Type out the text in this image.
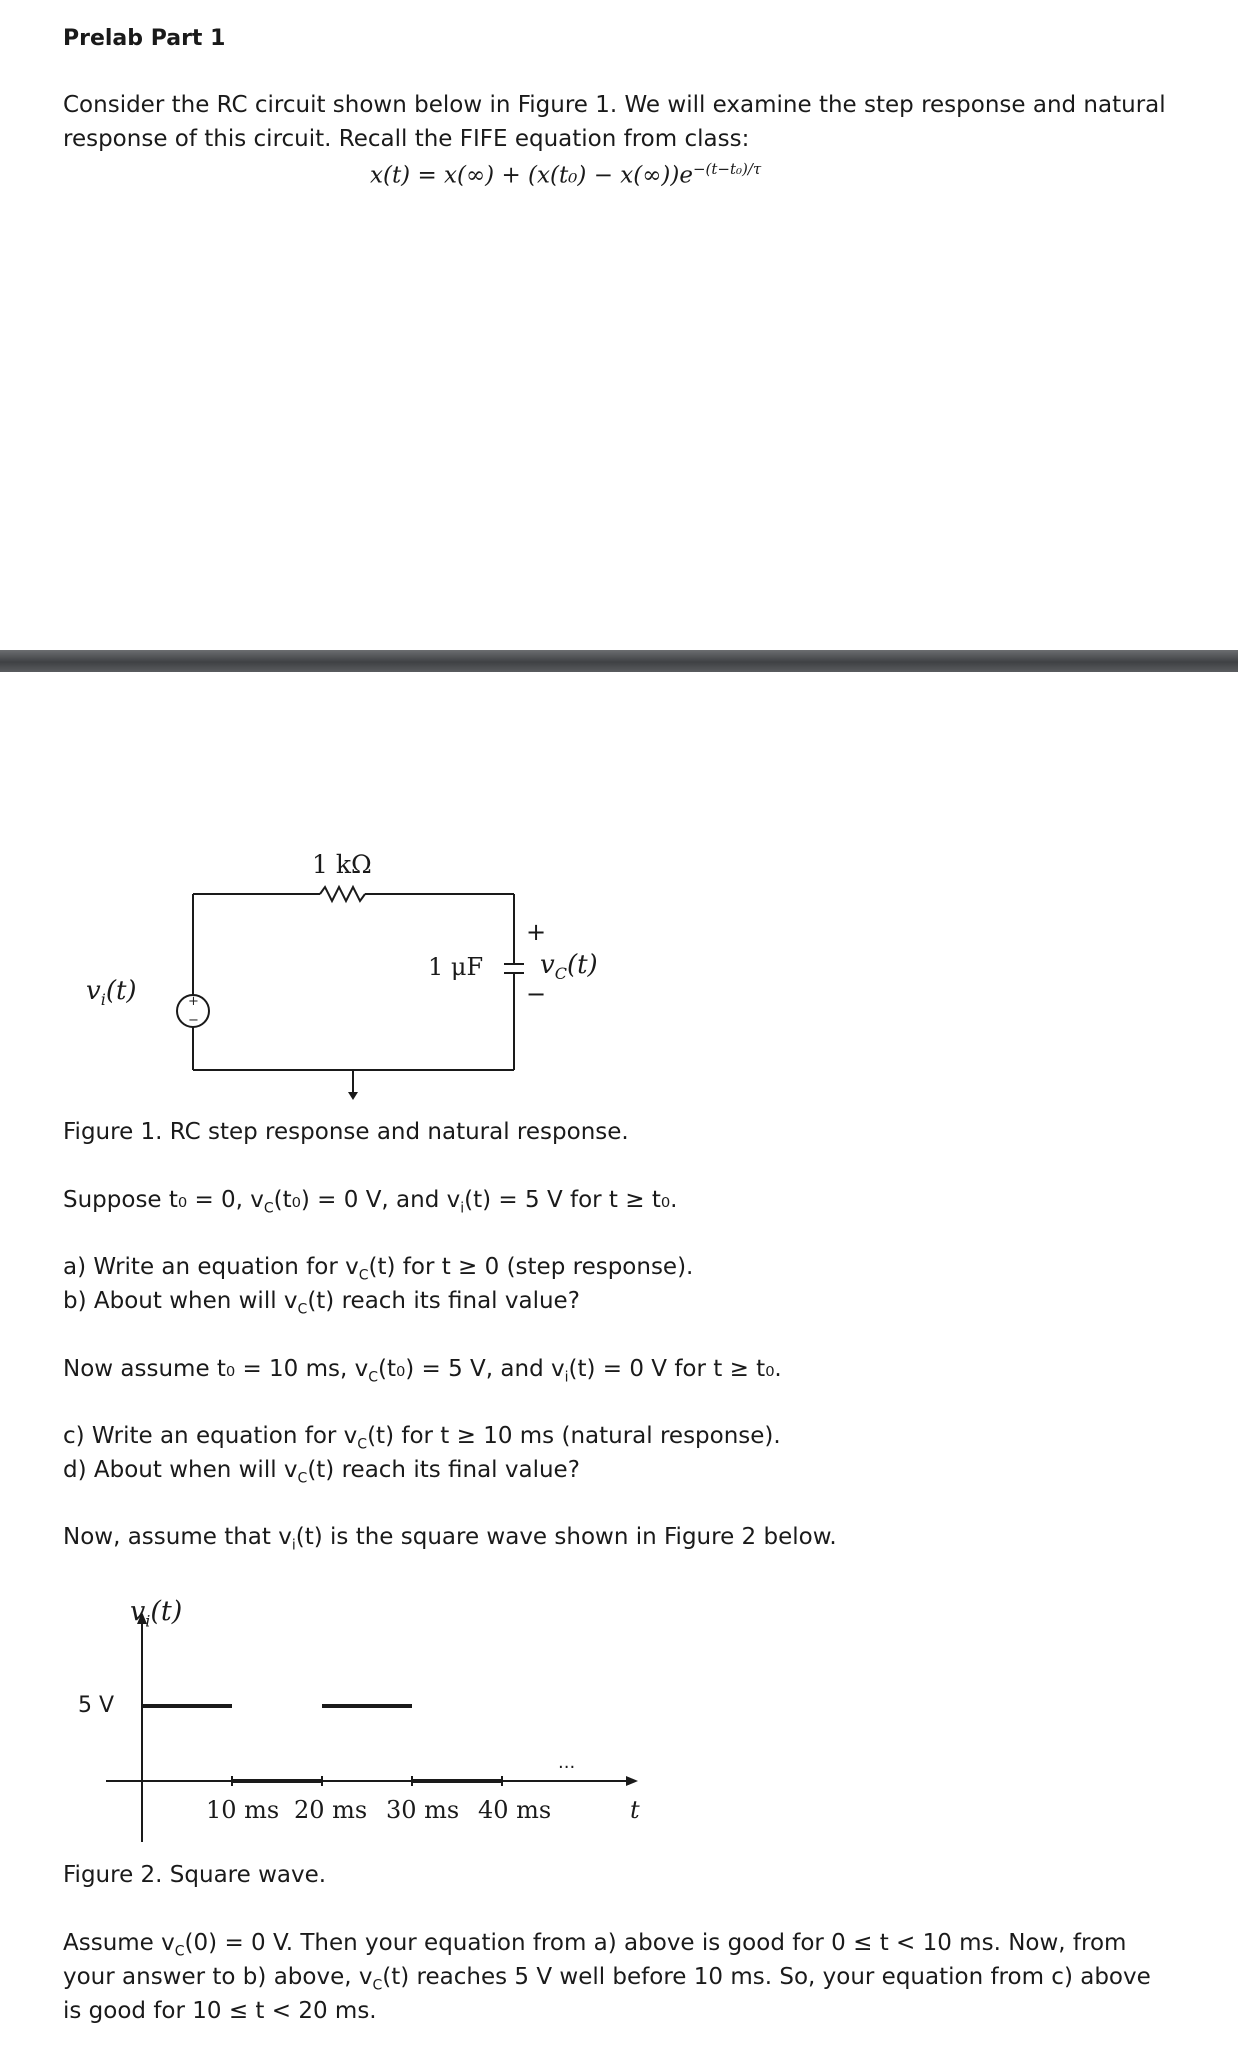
Prelab Part 1
Consider the RC circuit shown below in Figure 1. We will examine the step response and natural
response of this circuit. Recall the FIFE equation from class:
$x(t) = x(\infty) + (x(t_0) - x(\infty))e^{-(t-t_0)/\tau}$
+
−
1 kΩ
1 μF
+
−
$v_C(t)$
$v_i(t)$
Figure 1. RC step response and natural response.
Suppose t₀ = 0, $v_C(t_0) = 0$ V, and $v_i(t) = 5$ V for t ≥ t₀.
a) Write an equation for $v_C(t)$ for t ≥ 0 (step response).
b) About when will $v_C(t)$ reach its final value?
Now assume t₀ = 10 ms, $v_C(t_0) = 5$ V, and $v_i(t) = 0$ V for t ≥ t₀.
c) Write an equation for $v_C(t)$ for t ≥ 10 ms (natural response).
d) About when will $v_C(t)$ reach its final value?
Now, assume that $v_i(t)$ is the square wave shown in Figure 2 below.
$v_i(t)$
5 V
...
10 ms 20 ms 30 ms 40 ms	t
Figure 2. Square wave.
Assume $v_C(0) = 0$ V. Then your equation from a) above is good for 0 ≤ t < 10 ms. Now, from
your answer to b) above, $v_C(t)$ reaches 5 V well before 10 ms. So, your equation from c) above
is good for 10 ≤ t < 20 ms.
